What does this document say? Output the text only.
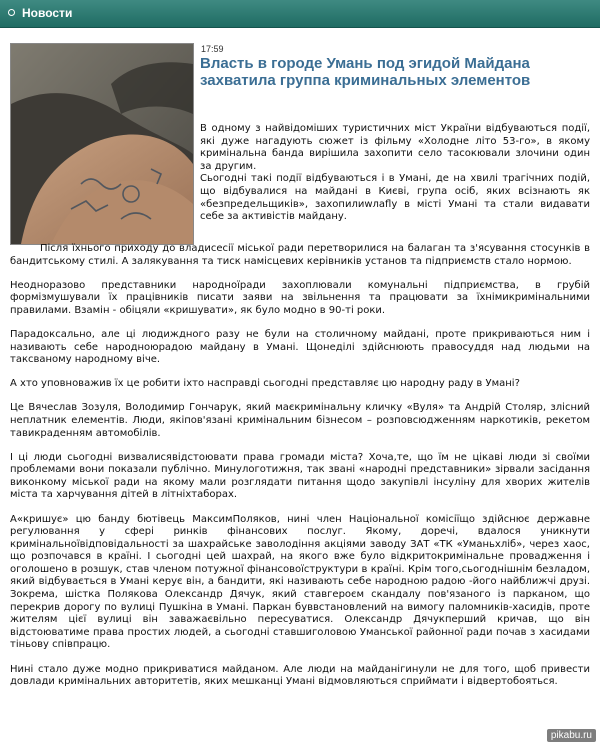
Новости
17:59
Власть в городе Умань под эгидой Майдана захватила группа криминальных элементов

В одному з найвідоміших туристичних міст України відбуваються події, які дуже нагадують сюжет із фільму «Холодне літо 53-го», в якому кримінальна банда вирішила захопити село тасокювали злочини один за другим.

Сьогодні такі події відбуваються і в Умані, де на хвилі трагічних подій, що відбувалися на майдані в Києві, група осіб, яких всізнають як «безпредельщиків», захопилиwлаfly в місті Умані та стали видавати себе за активістів майдану.

Після їхнього приходу до владисесії міської ради перетворилися на балаган та з'ясування стосунків в бандитському стилі. А залякування та тиск намісцевих керівників установ та підприємств стало нормою.

Неодноразово представники народноїради захоплювали комунальні підприємства, в грубій формізмушували їх працівників писати заяви на звільнення та працювати за їхнімикримінальними правилами. Взамін - обіцяли «кришувати», як було модно в 90-ті роки.

Парадоксально, але ці людиждного разу не були на столичному майдані, проте прикриваються ним і називають себе народноюрадою майдану в Умані. Щонеділі здійснюють правосуддя над людьми на таксваному народному віче.

А хто уповноважив їх це робити іхто насправді сьогодні представляє цю народну раду в Умані?

Це Вячеслав Зозуля, Володимир Гончарук, який маєкримінальну кличку «Вуля» та Андрій Столяр, злісний неплатник елементів. Люди, якіпов'язані кримінальним бізнесом – розповсюдженням наркотиків, рекетом тавикраденням автомобілів.

І ці люди сьогодні визвалисявідстоювати права громади міста? Хоча,те, що їм не цікаві люди зі своїми проблемами вони показали публічно. Минулоготижня, так звані «народні представники» зірвали засідання виконкому міської ради на якому мали розглядати питання щодо закупівлі інсуліну для хворих жителів міста та харчування дітей в літніхтаборах.

А«кришує» цю банду бютівець МаксимПоляков, нині член Національної комісіїщо здійснює державне регулювання у сфері ринків фінансових послуг. Якому, доречі, вдалося уникнути кримінальноївідповідальності за шахрайське заволодіння акціями заводу ЗАТ «ТК «Уманьхліб», через хаос, що розпочався в країні. І сьогодні цей шахрай, на якого вже було відкритокримінальне провадження і оголошено в розшук, став членом потужної фінансовоїструктури в країні. Крім того,сьогоднішнім безладом, який відбувається в Умані керує він, а бандити, які називають себе народною радою -його найближчі друзі. Зокрема, шістка Полякова Олександр Дячук, який ставгероєм скандалу пов'язаного із парканом, що перекрив дорогу по вулиці Пушкіна в Умані. Паркан буввстановлений на вимогу паломників-хасидів, проте жителям цієї вулиці він заважаєвільно пересуватися. Олександр Дячукперший кричав, що він відстоюватиме права простих людей, а сьогодні ставшиголовою Уманської районної ради почав з хасидами тіньову співпрацю.

Нині стало дуже модно прикриватися майданом. Але люди на майданігинули не для того, щоб привести довлади кримінальних авторитетів, яких мешканці Умані відмовляються сприймати і відвертобояться.

pikabu.ru
